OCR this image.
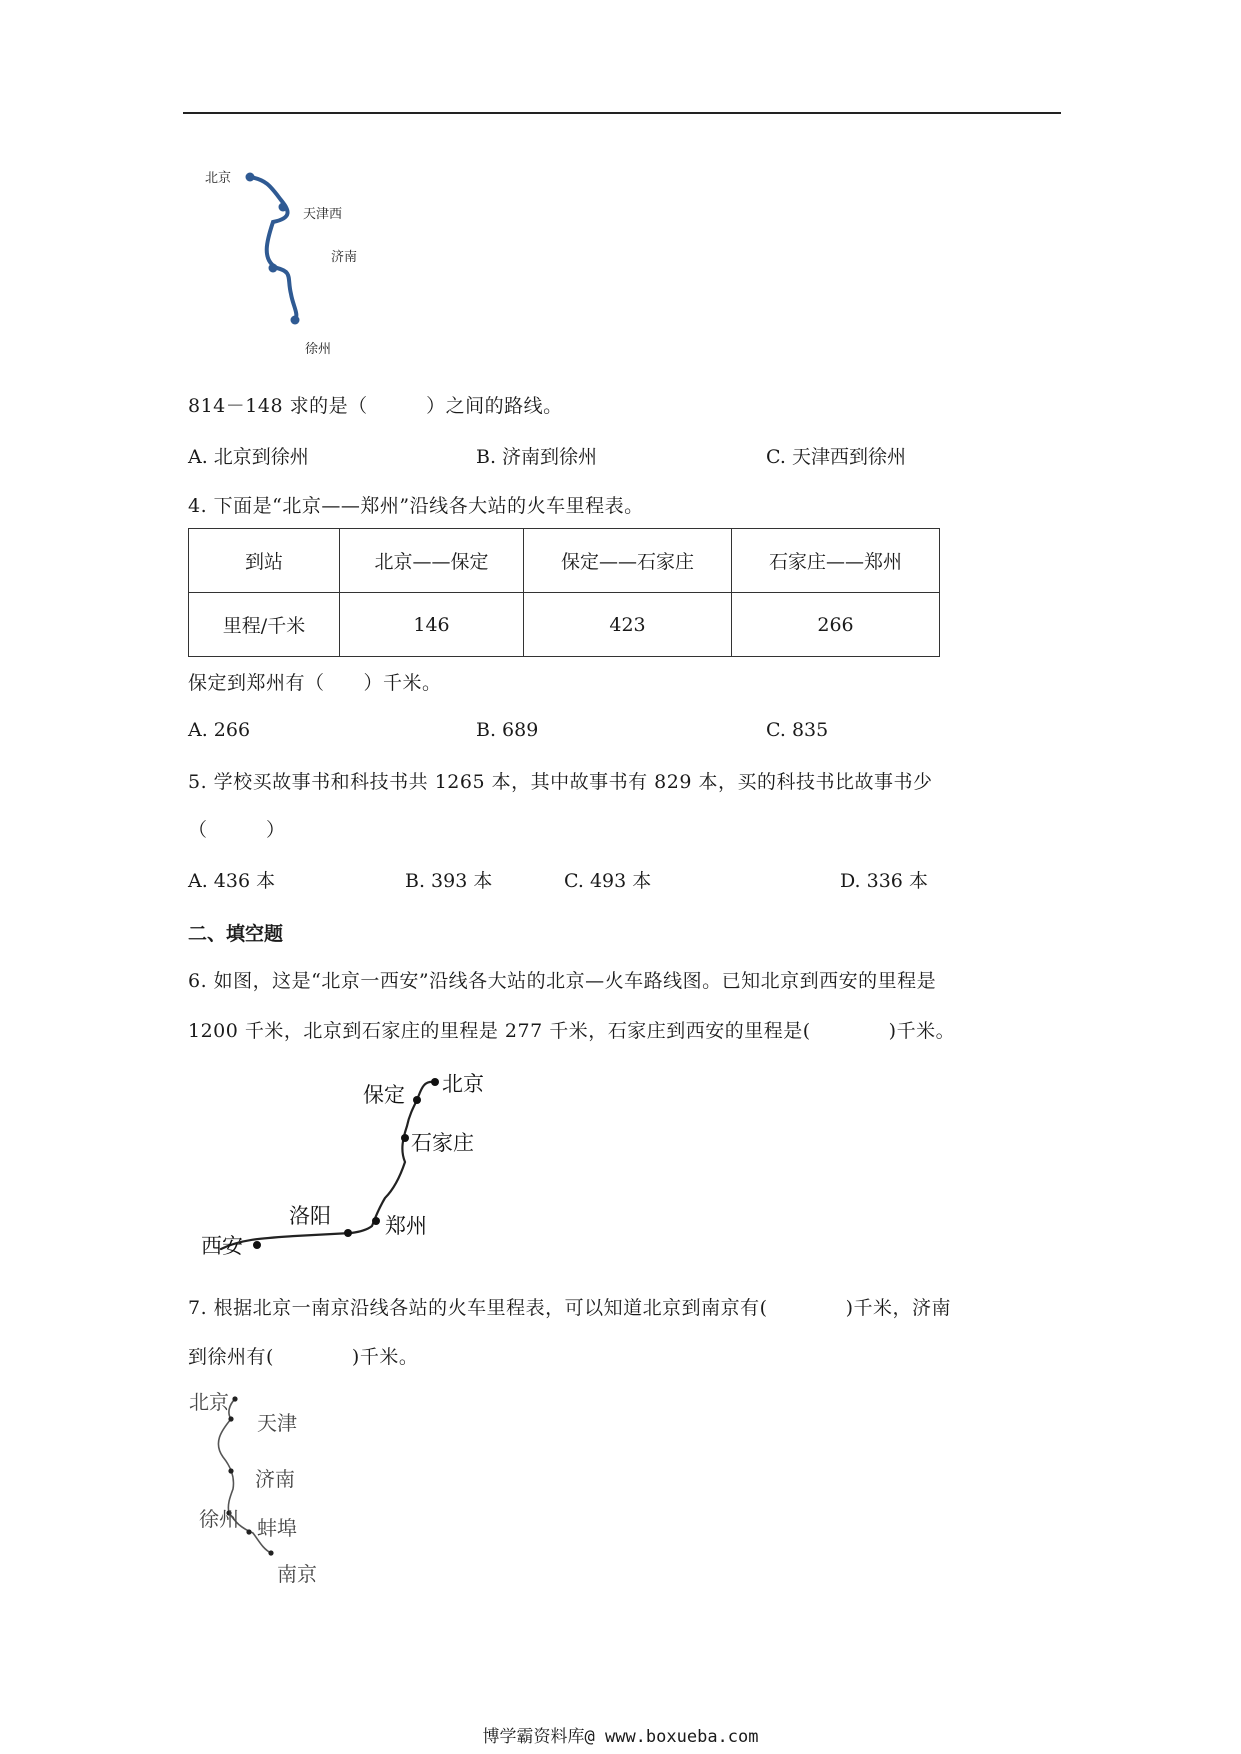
北京
天津西
济南
徐州
814－148 求的是（　　　）之间的路线。
A. 北京到徐州	B. 济南到徐州	C. 天津西到徐州
4. 下面是“北京——郑州”沿线各大站的火车里程表。
到站	北京——保定	保定——石家庄	石家庄——郑州
里程/千米	146	423	266
保定到郑州有（　　）千米。
A. 266	B. 689	C. 835
5. 学校买故事书和科技书共 1265 本，其中故事书有 829 本，买的科技书比故事书少
（　　　）
A. 436 本	B. 393 本	C. 493 本	D. 336 本
二、填空题
6. 如图，这是“北京一西安”沿线各大站的北京—火车路线图。已知北京到西安的里程是
1200 千米，北京到石家庄的里程是 277 千米，石家庄到西安的里程是(　　　　)千米。
北京
保定
石家庄
郑州
洛阳
西安
7. 根据北京一南京沿线各站的火车里程表，可以知道北京到南京有(　　　　)千米，济南
到徐州有(　　　　)千米。
北京
天津
济南
徐州 蚌埠
南京
博学霸资料库@ www.boxueba.com
